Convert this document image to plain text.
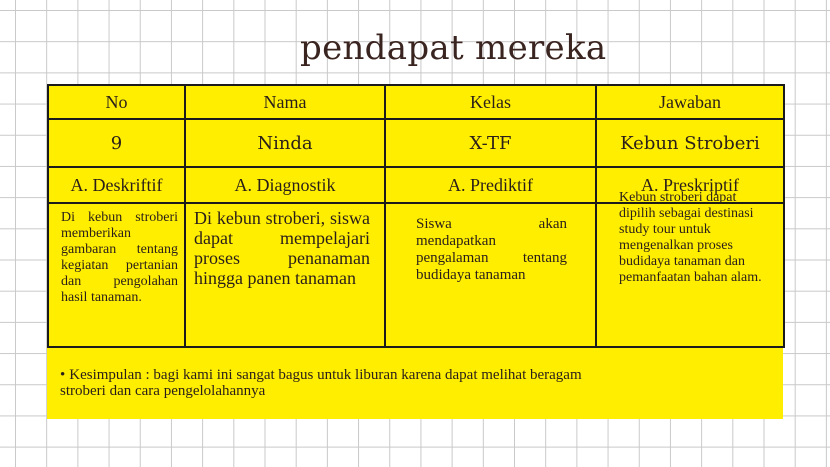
pendapat mereka
No	Nama	Kelas	Jawaban
9	Ninda	X-TF	Kebun Stroberi
A. Deskriftif	A. Diagnostik	A. Prediktif	A. Preskriptif

Di kebun stroberi memberikan gambaran tentang kegiatan pertanian dan pengolahan hasil tanaman.	Di kebun stroberi, siswa dapat mempelajari proses penanaman hingga panen tanaman	Siswa akan mendapatkan pengalaman tentang budidaya tanaman	Kebun stroberi dapat dipilih sebagai destinasi study tour untuk mengenalkan proses budidaya tanaman dan pemanfaatan bahan alam.
• Kesimpulan : bagi kami ini sangat bagus untuk liburan karena dapat melihat beragam stroberi dan cara pengelolahannya
